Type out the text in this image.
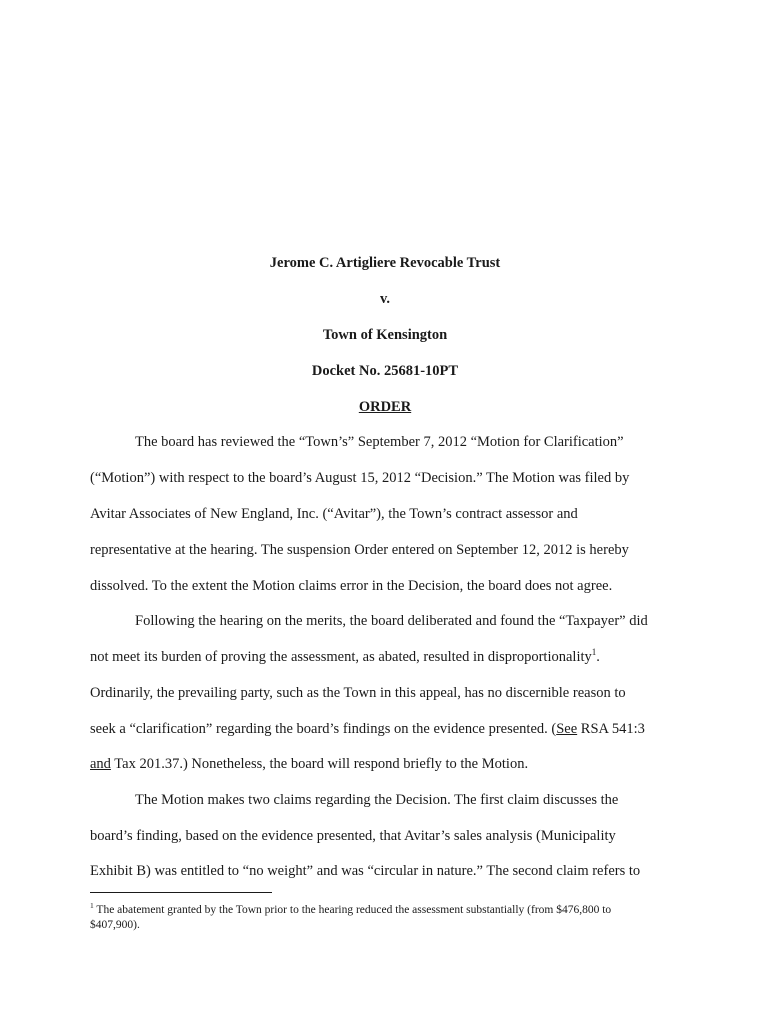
Jerome C. Artigliere Revocable Trust
v.
Town of Kensington
Docket No. 25681-10PT
ORDER
The board has reviewed the “Town’s” September 7, 2012 “Motion for Clarification”
(“Motion”) with respect to the board’s August 15, 2012 “Decision.” The Motion was filed by
Avitar Associates of New England, Inc. (“Avitar”), the Town’s contract assessor and
representative at the hearing. The suspension Order entered on September 12, 2012 is hereby
dissolved. To the extent the Motion claims error in the Decision, the board does not agree.
Following the hearing on the merits, the board deliberated and found the “Taxpayer” did
not meet its burden of proving the assessment, as abated, resulted in disproportionality$^1$.
Ordinarily, the prevailing party, such as the Town in this appeal, has no discernible reason to
seek a “clarification” regarding the board’s findings on the evidence presented. (See RSA 541:3
and Tax 201.37.) Nonetheless, the board will respond briefly to the Motion.
The Motion makes two claims regarding the Decision. The first claim discusses the
board’s finding, based on the evidence presented, that Avitar’s sales analysis (Municipality
Exhibit B) was entitled to “no weight” and was “circular in nature.” The second claim refers to
$^1$ The abatement granted by the Town prior to the hearing reduced the assessment substantially (from $476,800 to
$407,900).
